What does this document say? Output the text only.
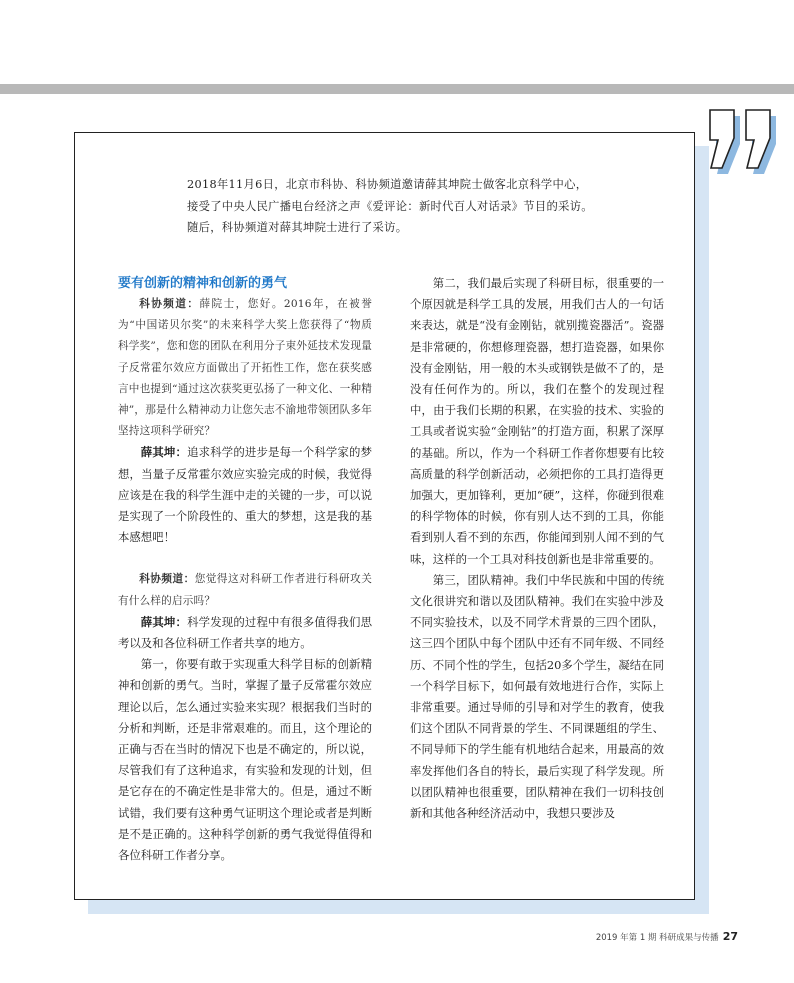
2018年11月6日，北京市科协、科协频道邀请薛其坤院士做客北京科学中心，

接受了中央人民广播电台经济之声《爱评论：新时代百人对话录》节目的采访。

随后，科协频道对薛其坤院士进行了采访。

要有创新的精神和创新的勇气

科协频道：薛院士，您好。2016年，在被誉为“中国诺贝尔奖”的未来科学大奖上您获得了“物质科学奖”，您和您的团队在利用分子束外延技术发现量子反常霍尔效应方面做出了开拓性工作，您在获奖感言中也提到“通过这次获奖更弘扬了一种文化、一种精神”，那是什么精神动力让您矢志不渝地带领团队多年坚持这项科学研究？

薛其坤：追求科学的进步是每一个科学家的梦想，当量子反常霍尔效应实验完成的时候，我觉得应该是在我的科学生涯中走的关键的一步，可以说是实现了一个阶段性的、重大的梦想，这是我的基本感想吧！

科协频道：您觉得这对科研工作者进行科研攻关有什么样的启示吗？

薛其坤：科学发现的过程中有很多值得我们思考以及和各位科研工作者共享的地方。

第一，你要有敢于实现重大科学目标的创新精神和创新的勇气。当时，掌握了量子反常霍尔效应理论以后，怎么通过实验来实现？根据我们当时的分析和判断，还是非常艰难的。而且，这个理论的正确与否在当时的情况下也是不确定的，所以说，尽管我们有了这种追求，有实验和发现的计划，但是它存在的不确定性是非常大的。但是，通过不断试错，我们要有这种勇气证明这个理论或者是判断是不是正确的。这种科学创新的勇气我觉得值得和各位科研工作者分享。

第二，我们最后实现了科研目标，很重要的一个原因就是科学工具的发展，用我们古人的一句话来表达，就是“没有金刚钻，就别揽瓷器活”。瓷器是非常硬的，你想修理瓷器，想打造瓷器，如果你没有金刚钻，用一般的木头或钢铁是做不了的，是没有任何作为的。所以，我们在整个的发现过程中，由于我们长期的积累，在实验的技术、实验的工具或者说实验“金刚钻”的打造方面，积累了深厚的基础。所以，作为一个科研工作者你想要有比较高质量的科学创新活动，必须把你的工具打造得更加强大，更加锋利，更加“硬”，这样，你碰到很难的科学物体的时候，你有别人达不到的工具，你能看到别人看不到的东西，你能闻到别人闻不到的气味，这样的一个工具对科技创新也是非常重要的。

第三，团队精神。我们中华民族和中国的传统文化很讲究和谐以及团队精神。我们在实验中涉及不同实验技术，以及不同学术背景的三四个团队，这三四个团队中每个团队中还有不同年级、不同经历、不同个性的学生，包括20多个学生，凝结在同一个科学目标下，如何最有效地进行合作，实际上非常重要。通过导师的引导和对学生的教育，使我们这个团队不同背景的学生、不同课题组的学生、不同导师下的学生能有机地结合起来，用最高的效率发挥他们各自的特长，最后实现了科学发现。所以团队精神也很重要，团队精神在我们一切科技创新和其他各种经济活动中，我想只要涉及

2019 年第 1 期 科研成果与传播 27
